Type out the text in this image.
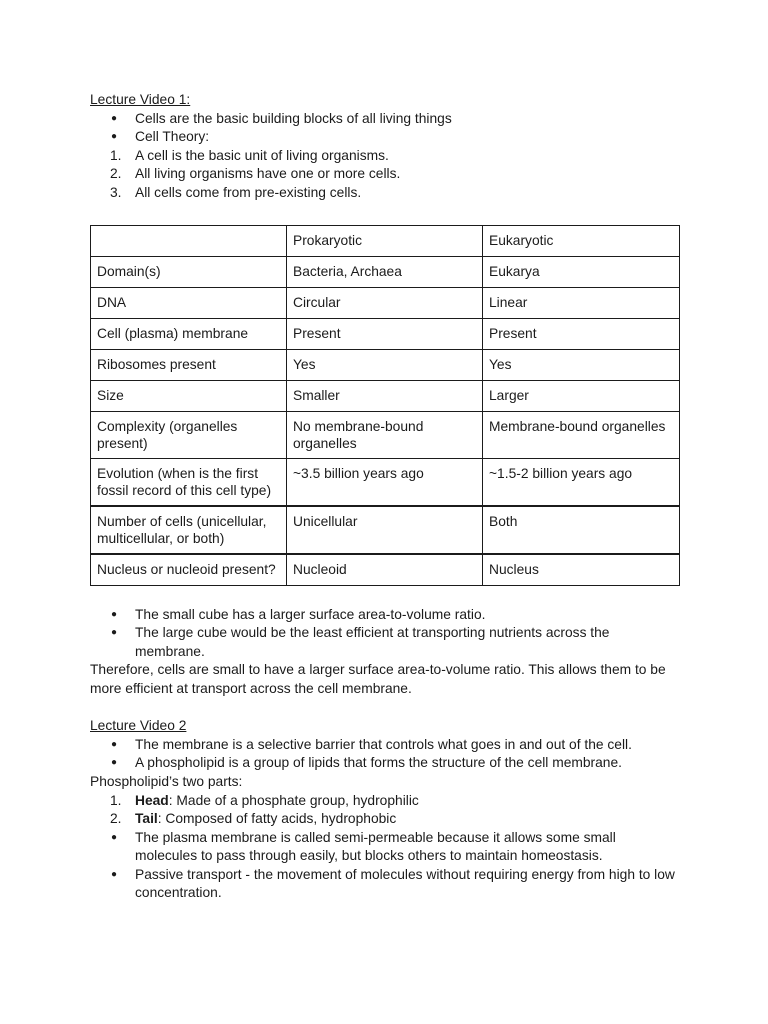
Lecture Video 1:

● Cells are the basic building blocks of all living things
● Cell Theory:
1. A cell is the basic unit of living organisms.
2. All living organisms have one or more cells.
3. All cells come from pre-existing cells.
	Prokaryotic	Eukaryotic
Domain(s)	Bacteria, Archaea	Eukarya
DNA	Circular	Linear
Cell (plasma) membrane	Present	Present
Ribosomes present	Yes	Yes
Size	Smaller	Larger
Complexity (organelles present)	No membrane-bound organelles	Membrane-bound organelles
Evolution (when is the first fossil record of this cell type)	~3.5 billion years ago	~1.5-2 billion years ago
Number of cells (unicellular, multicellular, or both)	Unicellular	Both
Nucleus or nucleoid present?	Nucleoid	Nucleus
● The small cube has a larger surface area-to-volume ratio.
● The large cube would be the least efficient at transporting nutrients across the membrane.

Therefore, cells are small to have a larger surface area-to-volume ratio. This allows them to be more efficient at transport across the cell membrane.

Lecture Video 2

● The membrane is a selective barrier that controls what goes in and out of the cell.
● A phospholipid is a group of lipids that forms the structure of the cell membrane.

Phospholipid’s two parts:

1. Head: Made of a phosphate group, hydrophilic
2. Tail: Composed of fatty acids, hydrophobic
● The plasma membrane is called semi-permeable because it allows some small molecules to pass through easily, but blocks others to maintain homeostasis.
● Passive transport - the movement of molecules without requiring energy from high to low concentration.
